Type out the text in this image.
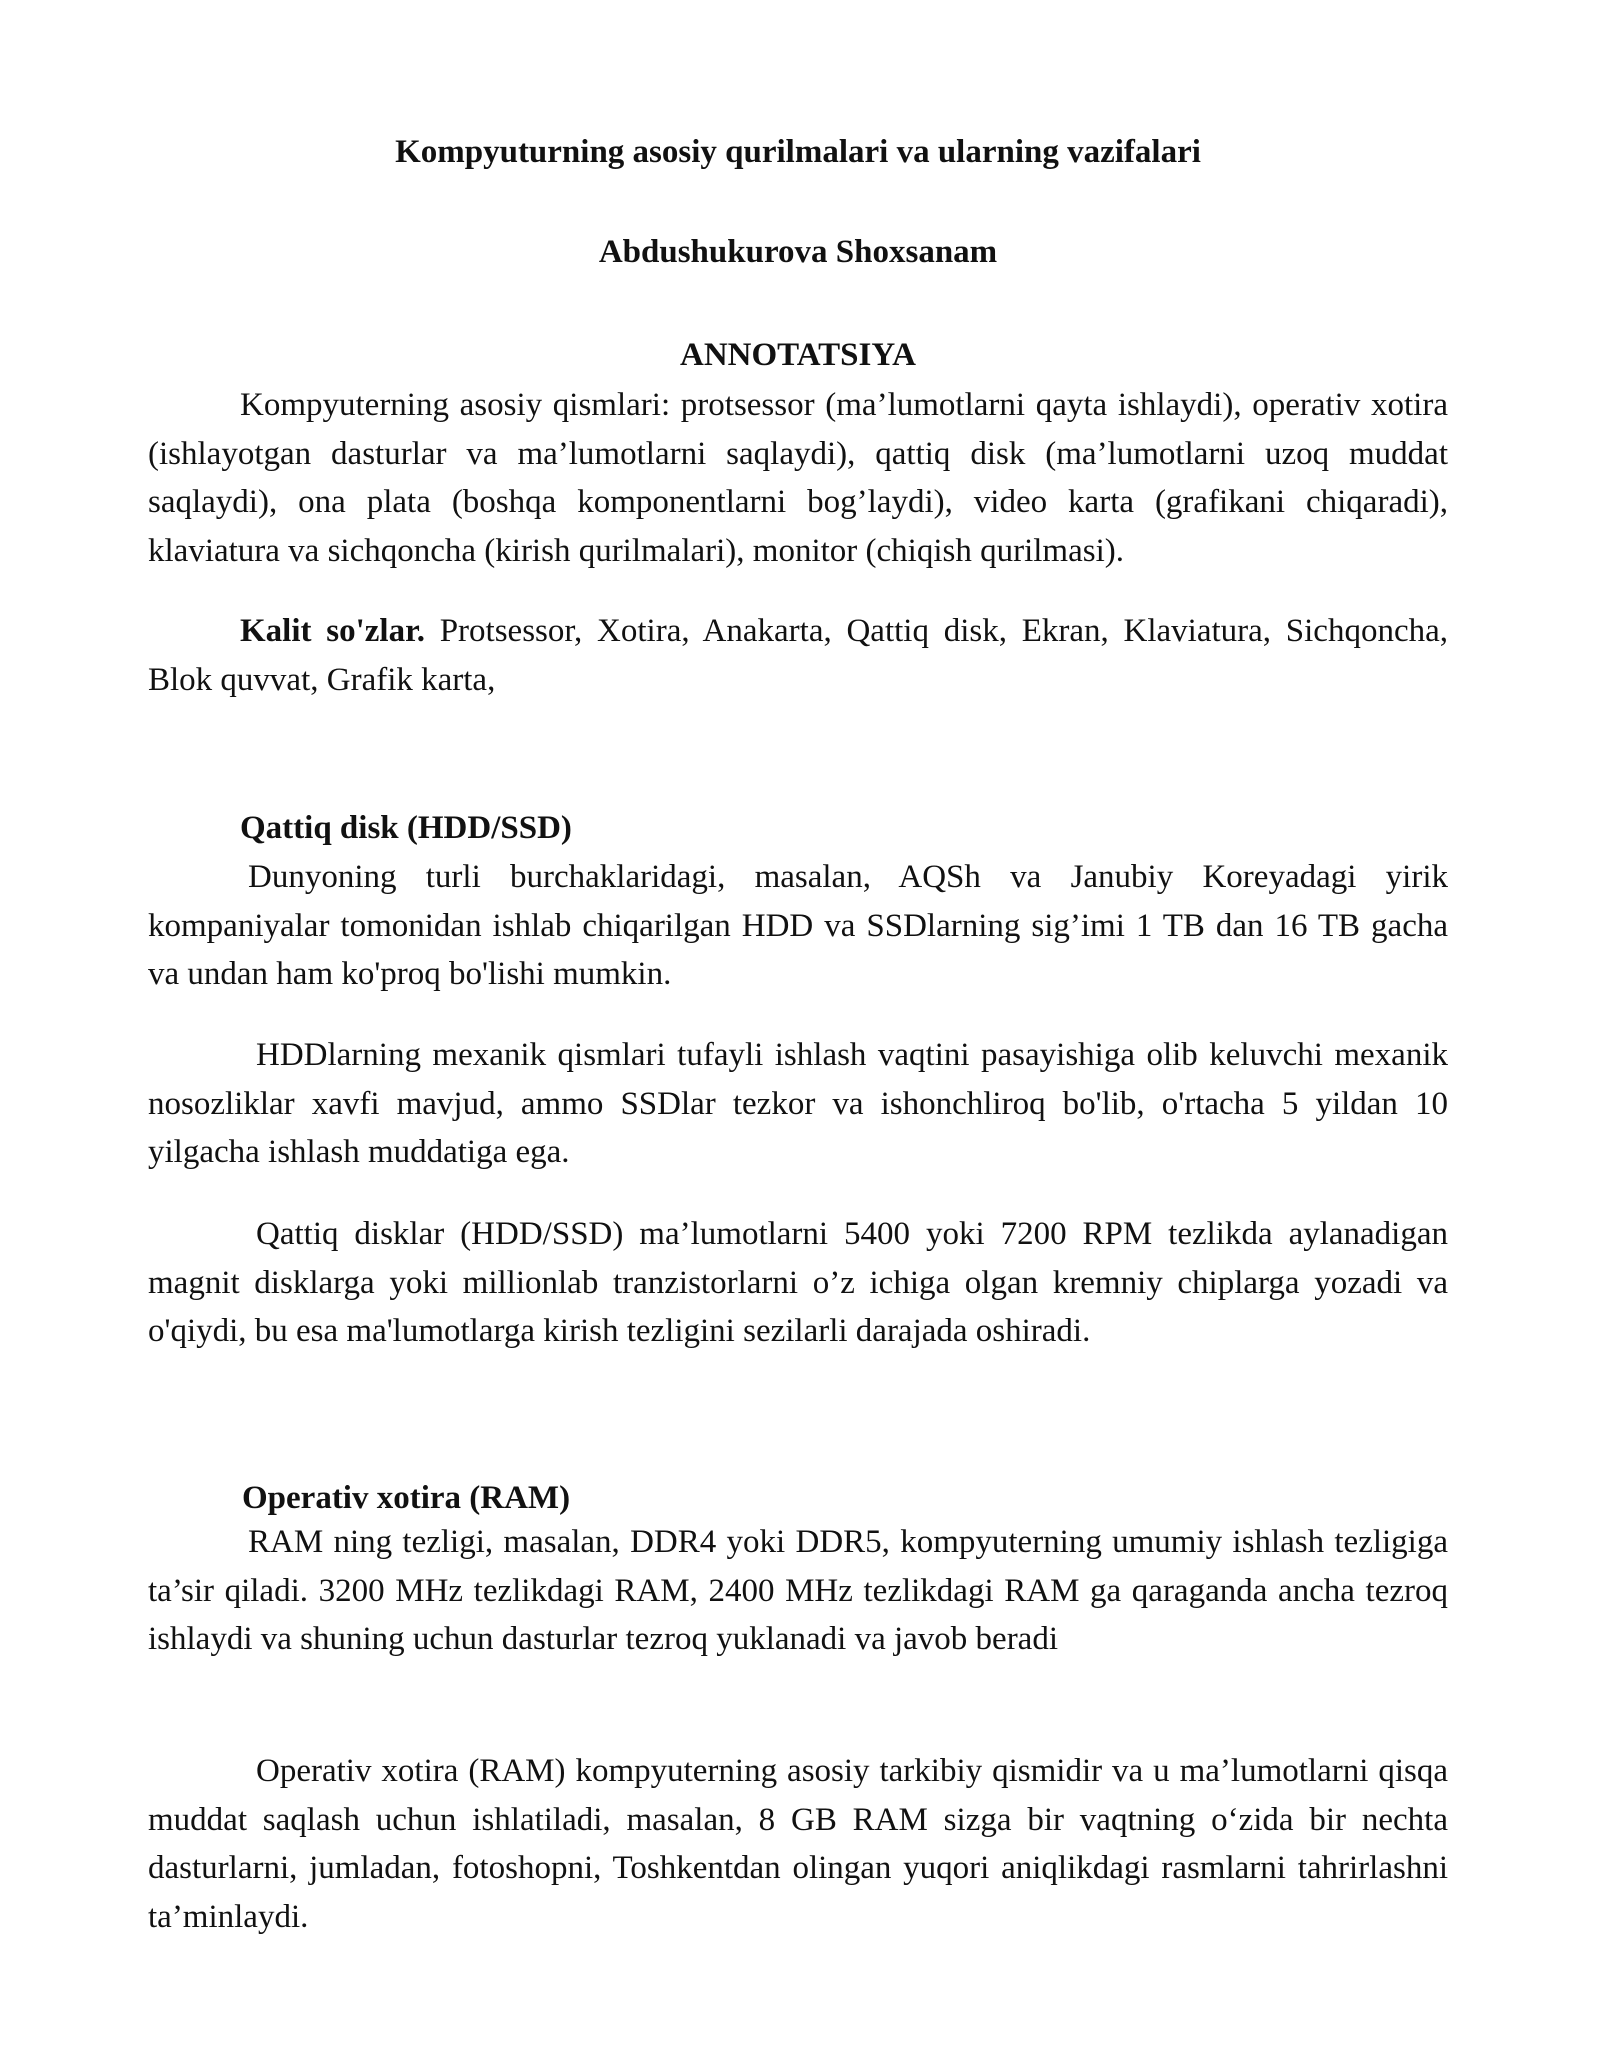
Kompyuturning asosiy qurilmalari va ularning vazifalari
Abdushukurova Shoxsanam
ANNOTATSIYA

Kompyuterning asosiy qismlari: protsessor (ma’lumotlarni qayta ishlaydi), operativ xotira (ishlayotgan dasturlar va ma’lumotlarni saqlaydi), qattiq disk (ma’lumotlarni uzoq muddat saqlaydi), ona plata (boshqa komponentlarni bog’laydi), video karta (grafikani chiqaradi), klaviatura va sichqoncha (kirish qurilmalari), monitor (chiqish qurilmasi).

Kalit so'zlar. Protsessor, Xotira, Anakarta, Qattiq disk, Ekran, Klaviatura, Sichqoncha, Blok quvvat, Grafik karta,

Qattiq disk (HDD/SSD)

Dunyoning turli burchaklaridagi, masalan, AQSh va Janubiy Koreyadagi yirik kompaniyalar tomonidan ishlab chiqarilgan HDD va SSDlarning sig’imi 1 TB dan 16 TB gacha va undan ham ko'proq bo'lishi mumkin.

HDDlarning mexanik qismlari tufayli ishlash vaqtini pasayishiga olib keluvchi mexanik nosozliklar xavfi mavjud, ammo SSDlar tezkor va ishonchliroq bo'lib, o'rtacha 5 yildan 10 yilgacha ishlash muddatiga ega.

Qattiq disklar (HDD/SSD) ma’lumotlarni 5400 yoki 7200 RPM tezlikda aylanadigan magnit disklarga yoki millionlab tranzistorlarni o’z ichiga olgan kremniy chiplarga yozadi va o'qiydi, bu esa ma'lumotlarga kirish tezligini sezilarli darajada oshiradi.

Operativ xotira (RAM)

RAM ning tezligi, masalan, DDR4 yoki DDR5, kompyuterning umumiy ishlash tezligiga ta’sir qiladi. 3200 MHz tezlikdagi RAM, 2400 MHz tezlikdagi RAM ga qaraganda ancha tezroq ishlaydi va shuning uchun dasturlar tezroq yuklanadi va javob beradi

Operativ xotira (RAM) kompyuterning asosiy tarkibiy qismidir va u ma’lumotlarni qisqa muddat saqlash uchun ishlatiladi, masalan, 8 GB RAM sizga bir vaqtning o‘zida bir nechta dasturlarni, jumladan, fotoshopni, Toshkentdan olingan yuqori aniqlikdagi rasmlarni tahrirlashni ta’minlaydi.
